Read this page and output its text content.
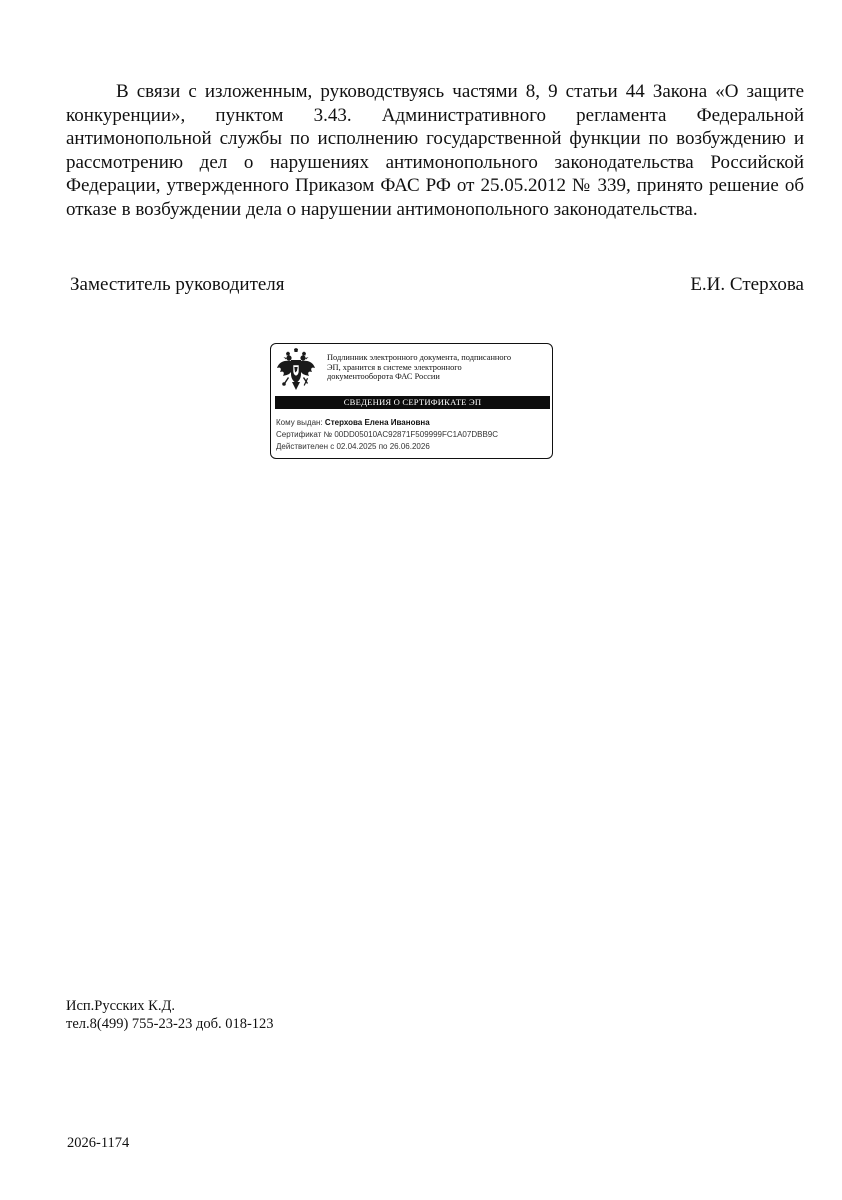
В связи с изложенным, руководствуясь частями 8, 9 статьи 44 Закона «О защите конкуренции», пунктом 3.43. Административного регламента Федеральной антимонопольной службы по исполнению государственной функции по возбуждению и рассмотрению дел о нарушениях антимонопольного законодательства Российской Федерации, утвержденного Приказом ФАС РФ от 25.05.2012 № 339, принято решение об отказе в возбуждении дела о нарушении антимонопольного законодательства.

Заместитель руководителя	Е.И. Стерхова
Подлинник электронного документа, подписанного
ЭП, хранится в системе электронного
документооборота ФАС России
СВЕДЕНИЯ О СЕРТИФИКАТЕ ЭП
Кому выдан: Стерхова Елена Ивановна
Сертификат № 00DD05010AC92871F509999FC1A07DBB9C
Действителен с 02.04.2025 по 26.06.2026
Исп.Русских К.Д.
тел.8(499) 755-23-23 доб. 018-123
2026-1174
